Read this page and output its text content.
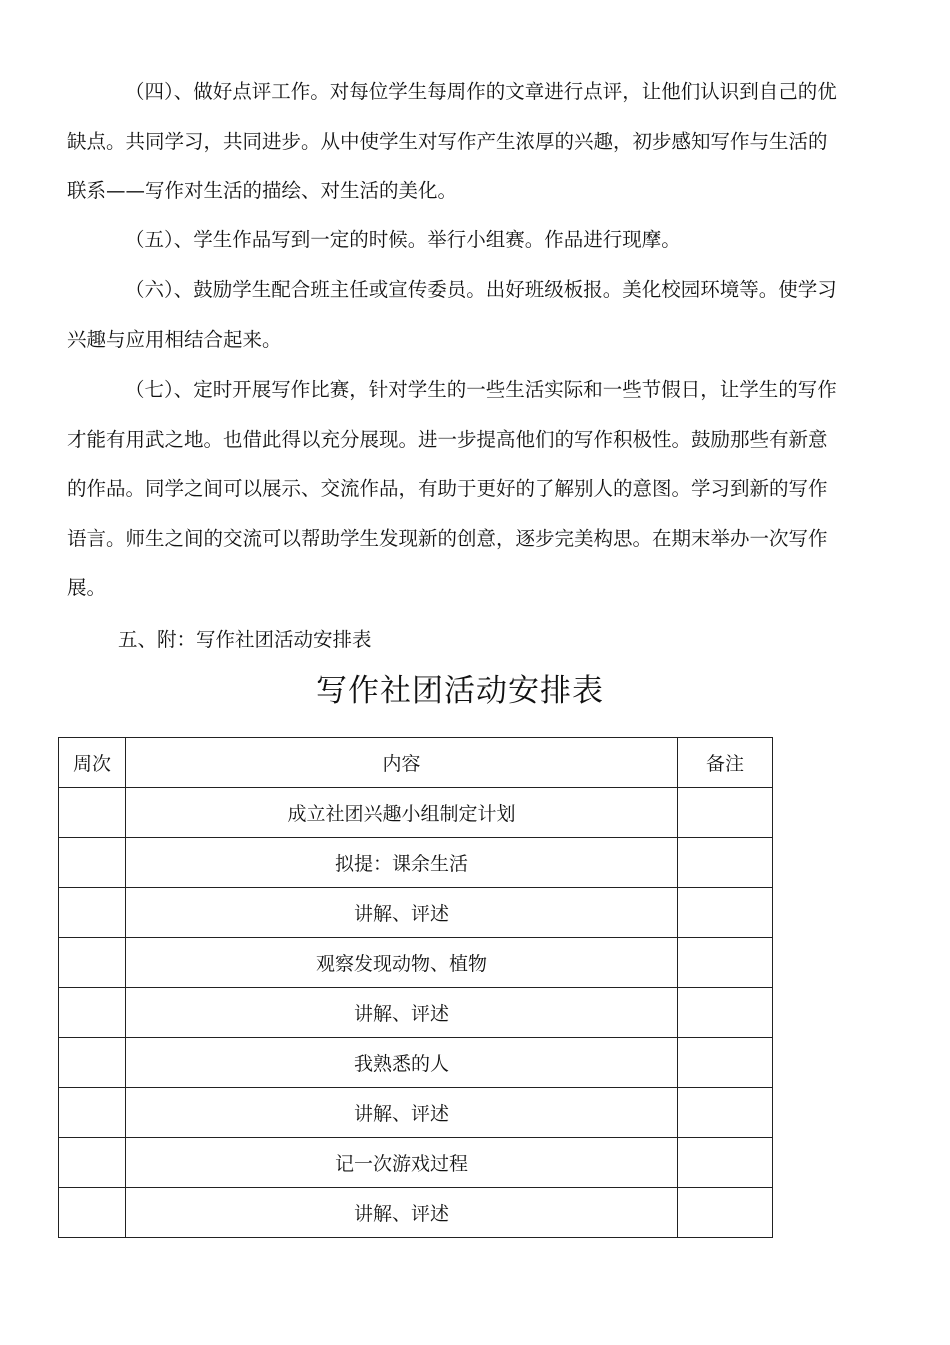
（四）、做好点评工作。对每位学生每周作的文章进行点评，让他们认识到自己的优缺点。共同学习，共同进步。从中使学生对写作产生浓厚的兴趣，初步感知写作与生活的联系——写作对生活的描绘、对生活的美化。

（五）、学生作品写到一定的时候。举行小组赛。作品进行现摩。

（六）、鼓励学生配合班主任或宣传委员。出好班级板报。美化校园环境等。使学习兴趣与应用相结合起来。

（七）、定时开展写作比赛，针对学生的一些生活实际和一些节假日，让学生的写作才能有用武之地。也借此得以充分展现。进一步提高他们的写作积极性。鼓励那些有新意的作品。同学之间可以展示、交流作品，有助于更好的了解别人的意图。学习到新的写作语言。师生之间的交流可以帮助学生发现新的创意，逐步完美构思。在期末举办一次写作展。

五、附：写作社团活动安排表
写作社团活动安排表
周次	内容	备注
	成立社团兴趣小组制定计划	
	拟提：课余生活	
	讲解、评述	
	观察发现动物、植物	
	讲解、评述	
	我熟悉的人	
	讲解、评述	
	记一次游戏过程	
	讲解、评述	
